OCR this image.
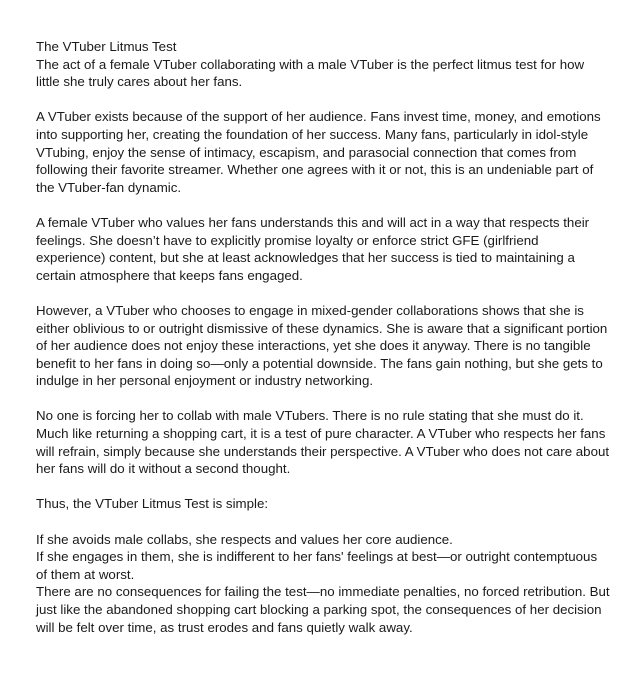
The VTuber Litmus Test
The act of a female VTuber collaborating with a male VTuber is the perfect litmus test for how little she truly cares about her fans.

A VTuber exists because of the support of her audience. Fans invest time, money, and emotions into supporting her, creating the foundation of her success. Many fans, particularly in idol-style VTubing, enjoy the sense of intimacy, escapism, and parasocial connection that comes from following their favorite streamer. Whether one agrees with it or not, this is an undeniable part of the VTuber-fan dynamic.

A female VTuber who values her fans understands this and will act in a way that respects their feelings. She doesn’t have to explicitly promise loyalty or enforce strict GFE (girlfriend experience) content, but she at least acknowledges that her success is tied to maintaining a certain atmosphere that keeps fans engaged.

However, a VTuber who chooses to engage in mixed-gender collaborations shows that she is either oblivious to or outright dismissive of these dynamics. She is aware that a significant portion of her audience does not enjoy these interactions, yet she does it anyway. There is no tangible benefit to her fans in doing so—only a potential downside. The fans gain nothing, but she gets to indulge in her personal enjoyment or industry networking.

No one is forcing her to collab with male VTubers. There is no rule stating that she must do it. Much like returning a shopping cart, it is a test of pure character. A VTuber who respects her fans will refrain, simply because she understands their perspective. A VTuber who does not care about her fans will do it without a second thought.

Thus, the VTuber Litmus Test is simple:

If she avoids male collabs, she respects and values her core audience.
If she engages in them, she is indifferent to her fans' feelings at best—or outright contemptuous of them at worst.
There are no consequences for failing the test—no immediate penalties, no forced retribution. But just like the abandoned shopping cart blocking a parking spot, the consequences of her decision will be felt over time, as trust erodes and fans quietly walk away.
